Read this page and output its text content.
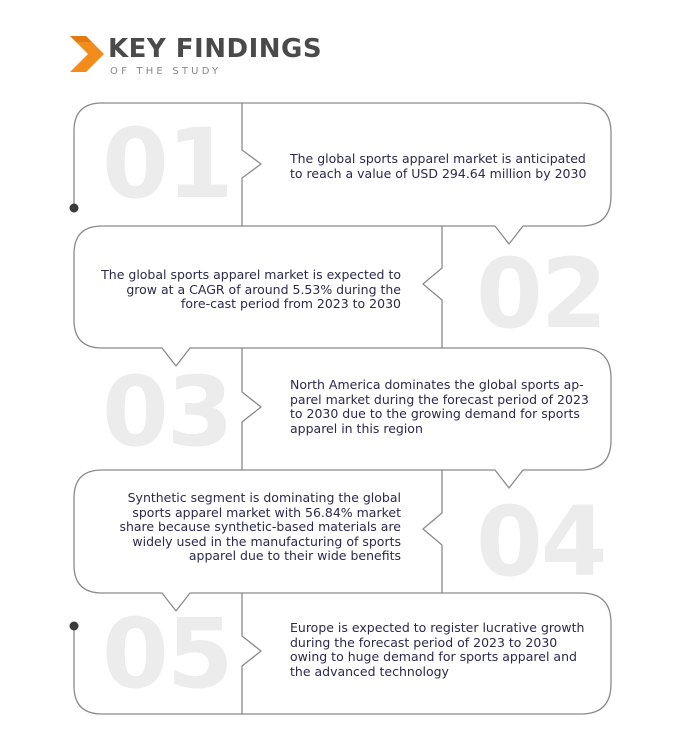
KEY FINDINGS
OF THE STUDY
01	The global sports apparel market is anticipated to reach a value of USD 294.64 million by 2030

02

The global sports apparel market is expected to grow at a CAGR of around 5.53% during the fore-cast period from 2023 to 2030

03	North America dominates the global sports ap-parel market during the forecast period of 2023 to 2030 due to the growing demand for sports apparel in this region

04

Synthetic segment is dominating the global sports apparel market with 56.84% market share because synthetic-based materials are widely used in the manufacturing of sports apparel due to their wide benefits

05	Europe is expected to register lucrative growth during the forecast period of 2023 to 2030 owing to huge demand for sports apparel and the advanced technology
